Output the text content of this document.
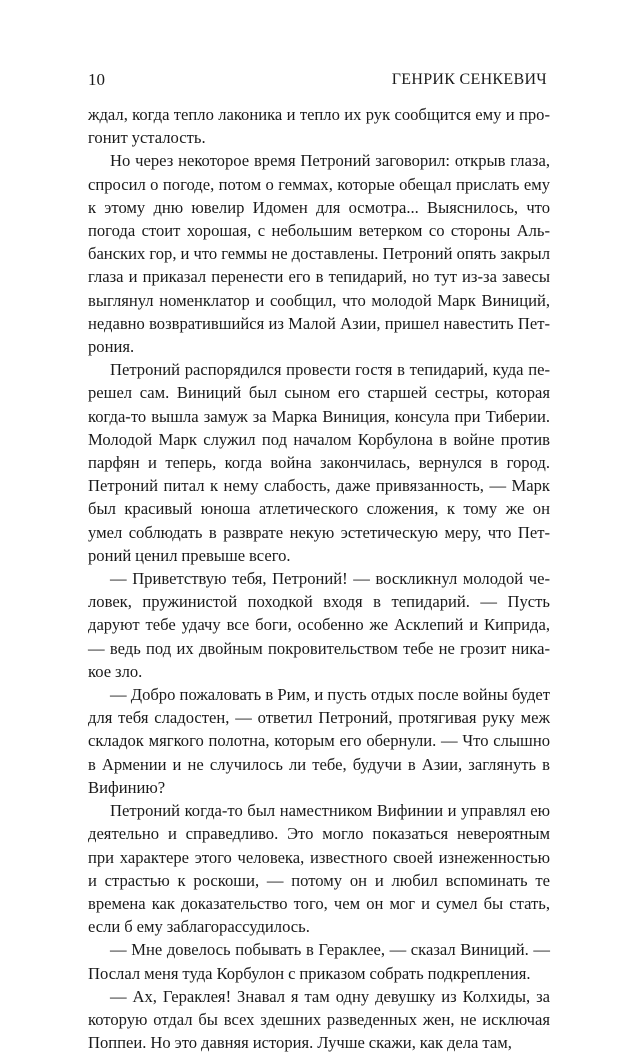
10	ГЕНРИК СЕНКЕВИЧ

ждал, когда тепло лаконика и тепло их рук сообщится ему и прогонит усталость.

Но через некоторое время Петроний заговорил: открыв глаза, спросил о погоде, потом о геммах, которые обещал прислать ему к этому дню ювелир Идомен для осмотра... Выяснилось, что погода стоит хорошая, с небольшим ветерком со стороны Альбанских гор, и что геммы не доставлены. Петроний опять закрыл глаза и приказал перенести его в тепидарий, но тут из-за завесы выглянул номенклатор и сообщил, что молодой Марк Виниций, недавно возвратившийся из Малой Азии, пришел навестить Петрония.

Петроний распорядился провести гостя в тепидарий, куда перешел сам. Виниций был сыном его старшей сестры, которая когда-то вышла замуж за Марка Виниция, консула при Тиберии. Молодой Марк служил под началом Корбулона в войне против парфян и теперь, когда война закончилась, вернулся в город. Петроний питал к нему слабость, даже привязанность, — Марк был красивый юноша атлетического сложения, к тому же он умел соблюдать в разврате некую эстетическую меру, что Петроний ценил превыше всего.

— Приветствую тебя, Петроний! — воскликнул молодой человек, пружинистой походкой входя в тепидарий. — Пусть даруют тебе удачу все боги, особенно же Асклепий и Киприда, — ведь под их двойным покровительством тебе не грозит никакое зло.

— Добро пожаловать в Рим, и пусть отдых после войны будет для тебя сладостен, — ответил Петроний, протягивая руку меж складок мягкого полотна, которым его обернули. — Что слышно в Армении и не случилось ли тебе, будучи в Азии, заглянуть в Вифинию?

Петроний когда-то был наместником Вифинии и управлял ею деятельно и справедливо. Это могло показаться невероятным при характере этого человека, известного своей изнеженностью и страстью к роскоши, — потому он и любил вспоминать те времена как доказательство того, чем он мог и сумел бы стать, если б ему заблагорассудилось.

— Мне довелось побывать в Гераклее, — сказал Виниций. — Послал меня туда Корбулон с приказом собрать подкрепления.

— Ах, Гераклея! Знавал я там одну девушку из Колхиды, за которую отдал бы всех здешних разведенных жен, не исключая Поппеи. Но это давняя история. Лучше скажи, как дела там,
